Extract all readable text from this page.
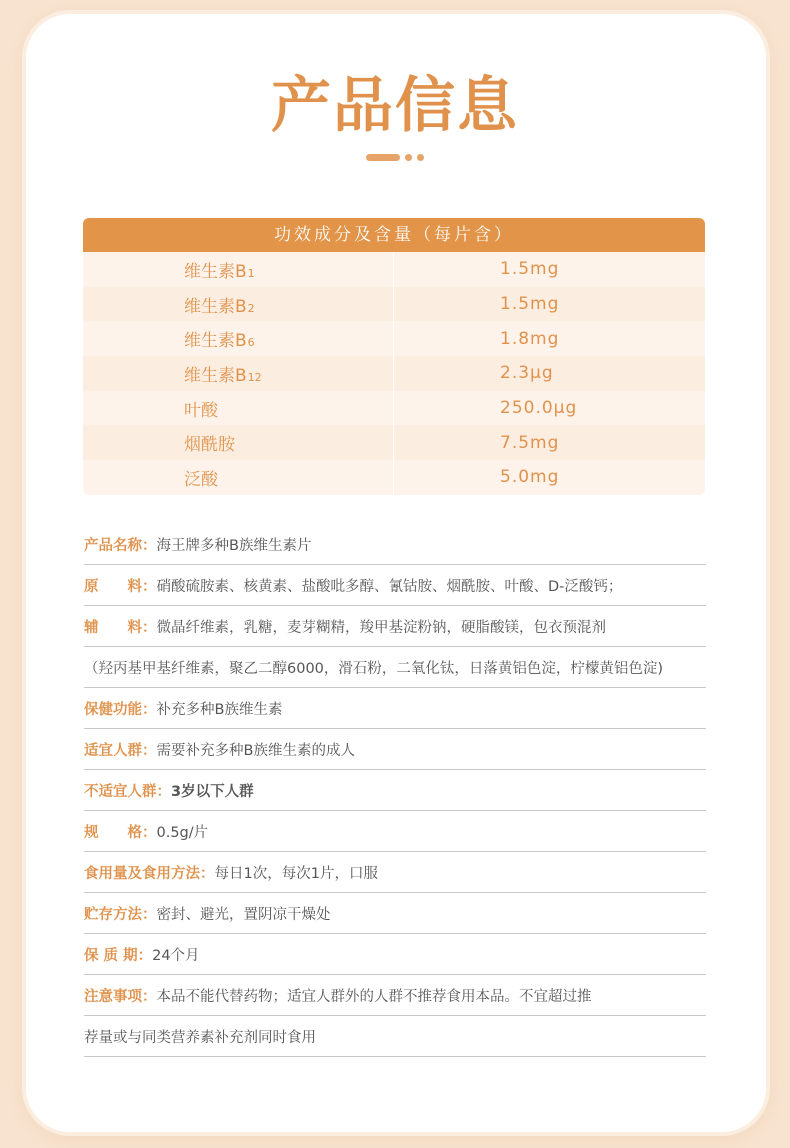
产品信息
功效成分及含量（每片含）
维生素B 1	1.5mg
维生素B 2	1.5mg
维生素B 6	1.8mg
维生素B 12	2.3μg
叶酸	250.0μg
烟酰胺	7.5mg
泛酸	5.0mg
产品名称： 海王牌多种B族维生素片
原　　料： 硝酸硫胺素、核黄素、盐酸吡多醇、氰钴胺、烟酰胺、叶酸、D-泛酸钙；
辅　　料： 微晶纤维素，乳糖，麦芽糊精，羧甲基淀粉钠，硬脂酸镁，包衣预混剂
（羟丙基甲基纤维素，聚乙二醇6000，滑石粉，二氧化钛，日落黄铝色淀，柠檬黄铝色淀)
保健功能： 补充多种B族维生素
适宜人群： 需要补充多种B族维生素的成人
不适宜人群： 3岁以下人群
规　　格： 0.5g/片
食用量及食用方法： 每日1次，每次1片，口服
贮存方法： 密封、避光，置阴凉干燥处
保 质 期： 24个月
注意事项： 本品不能代替药物；适宜人群外的人群不推荐食用本品。不宜超过推
荐量或与同类营养素补充剂同时食用
